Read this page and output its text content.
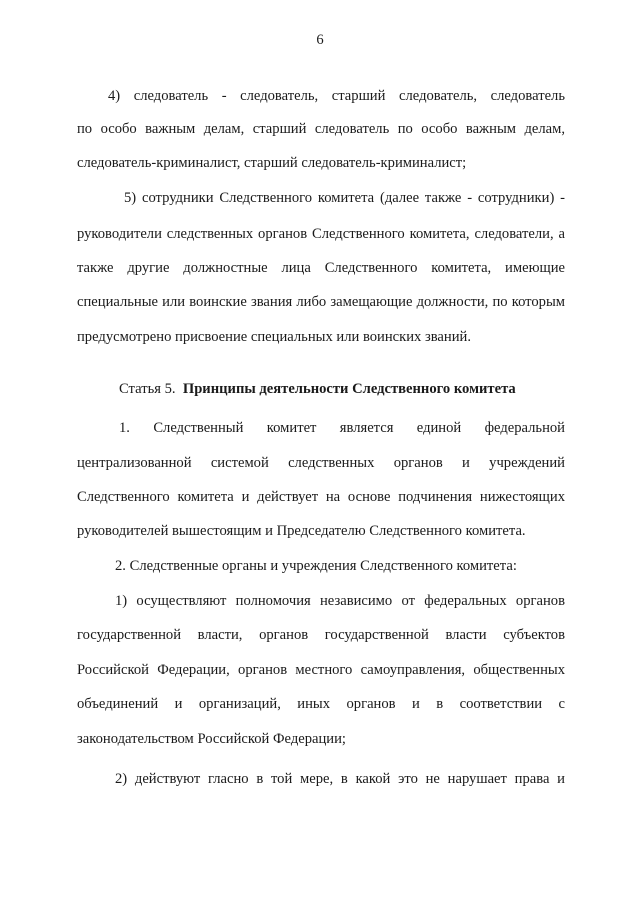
6
4) следователь - следователь, старший следователь, следователь
по особо важным делам, старший следователь по особо важным делам,
следователь-криминалист, старший следователь-криминалист;
5) сотрудники Следственного комитета (далее также - сотрудники) -
руководители следственных органов Следственного комитета, следователи, а
также другие должностные лица Следственного комитета, имеющие
специальные или воинские звания либо замещающие должности, по которым
предусмотрено присвоение специальных или воинских званий.
Статья 5. Принципы деятельности Следственного комитета
1. Следственный комитет является единой федеральной
централизованной системой следственных органов и учреждений
Следственного комитета и действует на основе подчинения нижестоящих
руководителей вышестоящим и Председателю Следственного комитета.
2. Следственные органы и учреждения Следственного комитета:
1) осуществляют полномочия независимо от федеральных органов
государственной власти, органов государственной власти субъектов
Российской Федерации, органов местного самоуправления, общественных
объединений и организаций, иных органов и в соответствии с
законодательством Российской Федерации;
2) действуют гласно в той мере, в какой это не нарушает права и
